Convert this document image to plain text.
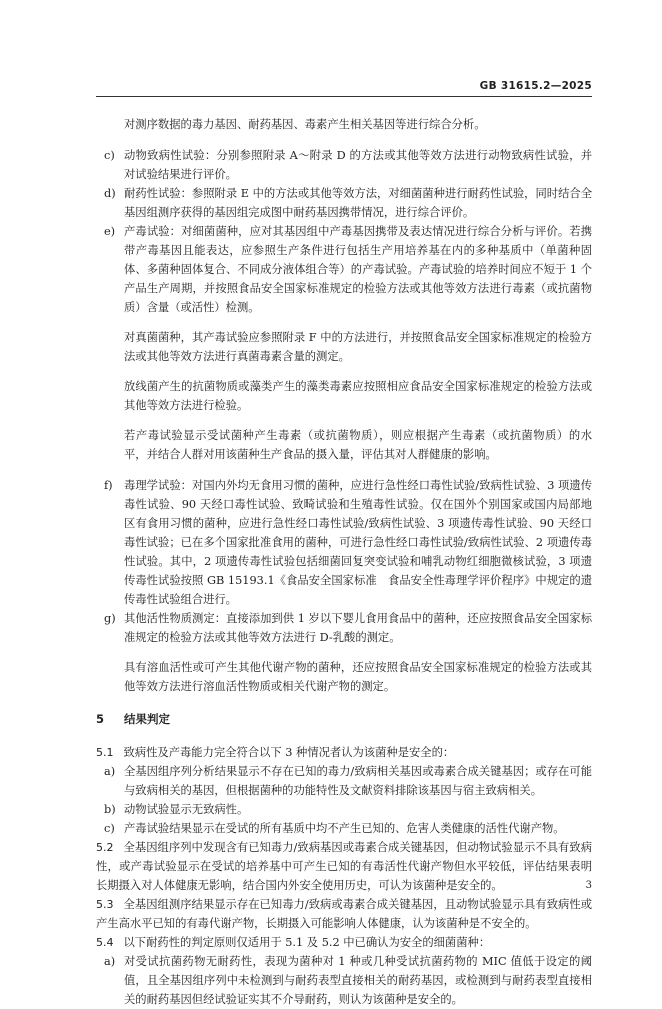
GB 31615.2—2025

对测序数据的毒力基因、耐药基因、毒素产生相关基因等进行综合分析。

c) 动物致病性试验：分别参照附录 A～附录 D 的方法或其他等效方法进行动物致病性试验，并对试验结果进行评价。
d) 耐药性试验：参照附录 E 中的方法或其他等效方法，对细菌菌种进行耐药性试验，同时结合全基因组测序获得的基因组完成图中耐药基因携带情况，进行综合评价。
e) 产毒试验：对细菌菌种，应对其基因组中产毒基因携带及表达情况进行综合分析与评价。若携带产毒基因且能表达，应参照生产条件进行包括生产用培养基在内的多种基质中（单菌种固体、多菌种固体复合、不同成分液体组合等）的产毒试验。产毒试验的培养时间应不短于 1 个产品生产周期，并按照食品安全国家标准规定的检验方法或其他等效方法进行毒素（或抗菌物质）含量（或活性）检测。

对真菌菌种，其产毒试验应参照附录 F 中的方法进行，并按照食品安全国家标准规定的检验方法或其他等效方法进行真菌毒素含量的测定。

放线菌产生的抗菌物质或藻类产生的藻类毒素应按照相应食品安全国家标准规定的检验方法或其他等效方法进行检验。

若产毒试验显示受试菌种产生毒素（或抗菌物质），则应根据产生毒素（或抗菌物质）的水平，并结合人群对用该菌种生产食品的摄入量，评估其对人群健康的影响。

f)	毒理学试验：对国内外均无食用习惯的菌种，应进行急性经口毒性试验/致病性试验、3 项遗传毒性试验、90 天经口毒性试验、致畸试验和生殖毒性试验。仅在国外个别国家或国内局部地区有食用习惯的菌种，应进行急性经口毒性试验/致病性试验、3 项遗传毒性试验、90 天经口毒性试验；已在多个国家批准食用的菌种，可进行急性经口毒性试验/致病性试验、2 项遗传毒性试验。其中，2 项遗传毒性试验包括细菌回复突变试验和哺乳动物红细胞微核试验，3 项遗传毒性试验按照 GB 15193.1《食品安全国家标准　食品安全性毒理学评价程序》中规定的遗传毒性试验组合进行。
g) 其他活性物质测定：直接添加到供 1 岁以下婴儿食用食品中的菌种，还应按照食品安全国家标准规定的检验方法或其他等效方法进行 D-乳酸的测定。

具有溶血活性或可产生其他代谢产物的菌种，还应按照食品安全国家标准规定的检验方法或其他等效方法进行溶血活性物质或相关代谢产物的测定。

5	结果判定
5.1 致病性及产毒能力完全符合以下 3 种情况者认为该菌种是安全的：
a) 全基因组序列分析结果显示不存在已知的毒力/致病相关基因或毒素合成关键基因；或存在可能与致病相关的基因，但根据菌种的功能特性及文献资料排除该基因与宿主致病相关。
b) 动物试验显示无致病性。
c) 产毒试验结果显示在受试的所有基质中均不产生已知的、危害人类健康的活性代谢产物。
5.2 全基因组序列中发现含有已知毒力/致病基因或毒素合成关键基因，但动物试验显示不具有致病性，或产毒试验显示在受试的培养基中可产生已知的有毒活性代谢产物但水平较低，评估结果表明长期摄入对人体健康无影响，结合国内外安全使用历史，可认为该菌种是安全的。
5.3 全基因组测序结果显示存在已知毒力/致病或毒素合成关键基因，且动物试验显示具有致病性或产生高水平已知的有毒代谢产物，长期摄入可能影响人体健康，认为该菌种是不安全的。
5.4 以下耐药性的判定原则仅适用于 5.1 及 5.2 中已确认为安全的细菌菌种：
a) 对受试抗菌药物无耐药性，表现为菌种对 1 种或几种受试抗菌药物的 MIC 值低于设定的阈值，且全基因组序列中未检测到与耐药表型直接相关的耐药基因，或检测到与耐药表型直接相关的耐药基因但经试验证实其不介导耐药，则认为该菌种是安全的。
3
